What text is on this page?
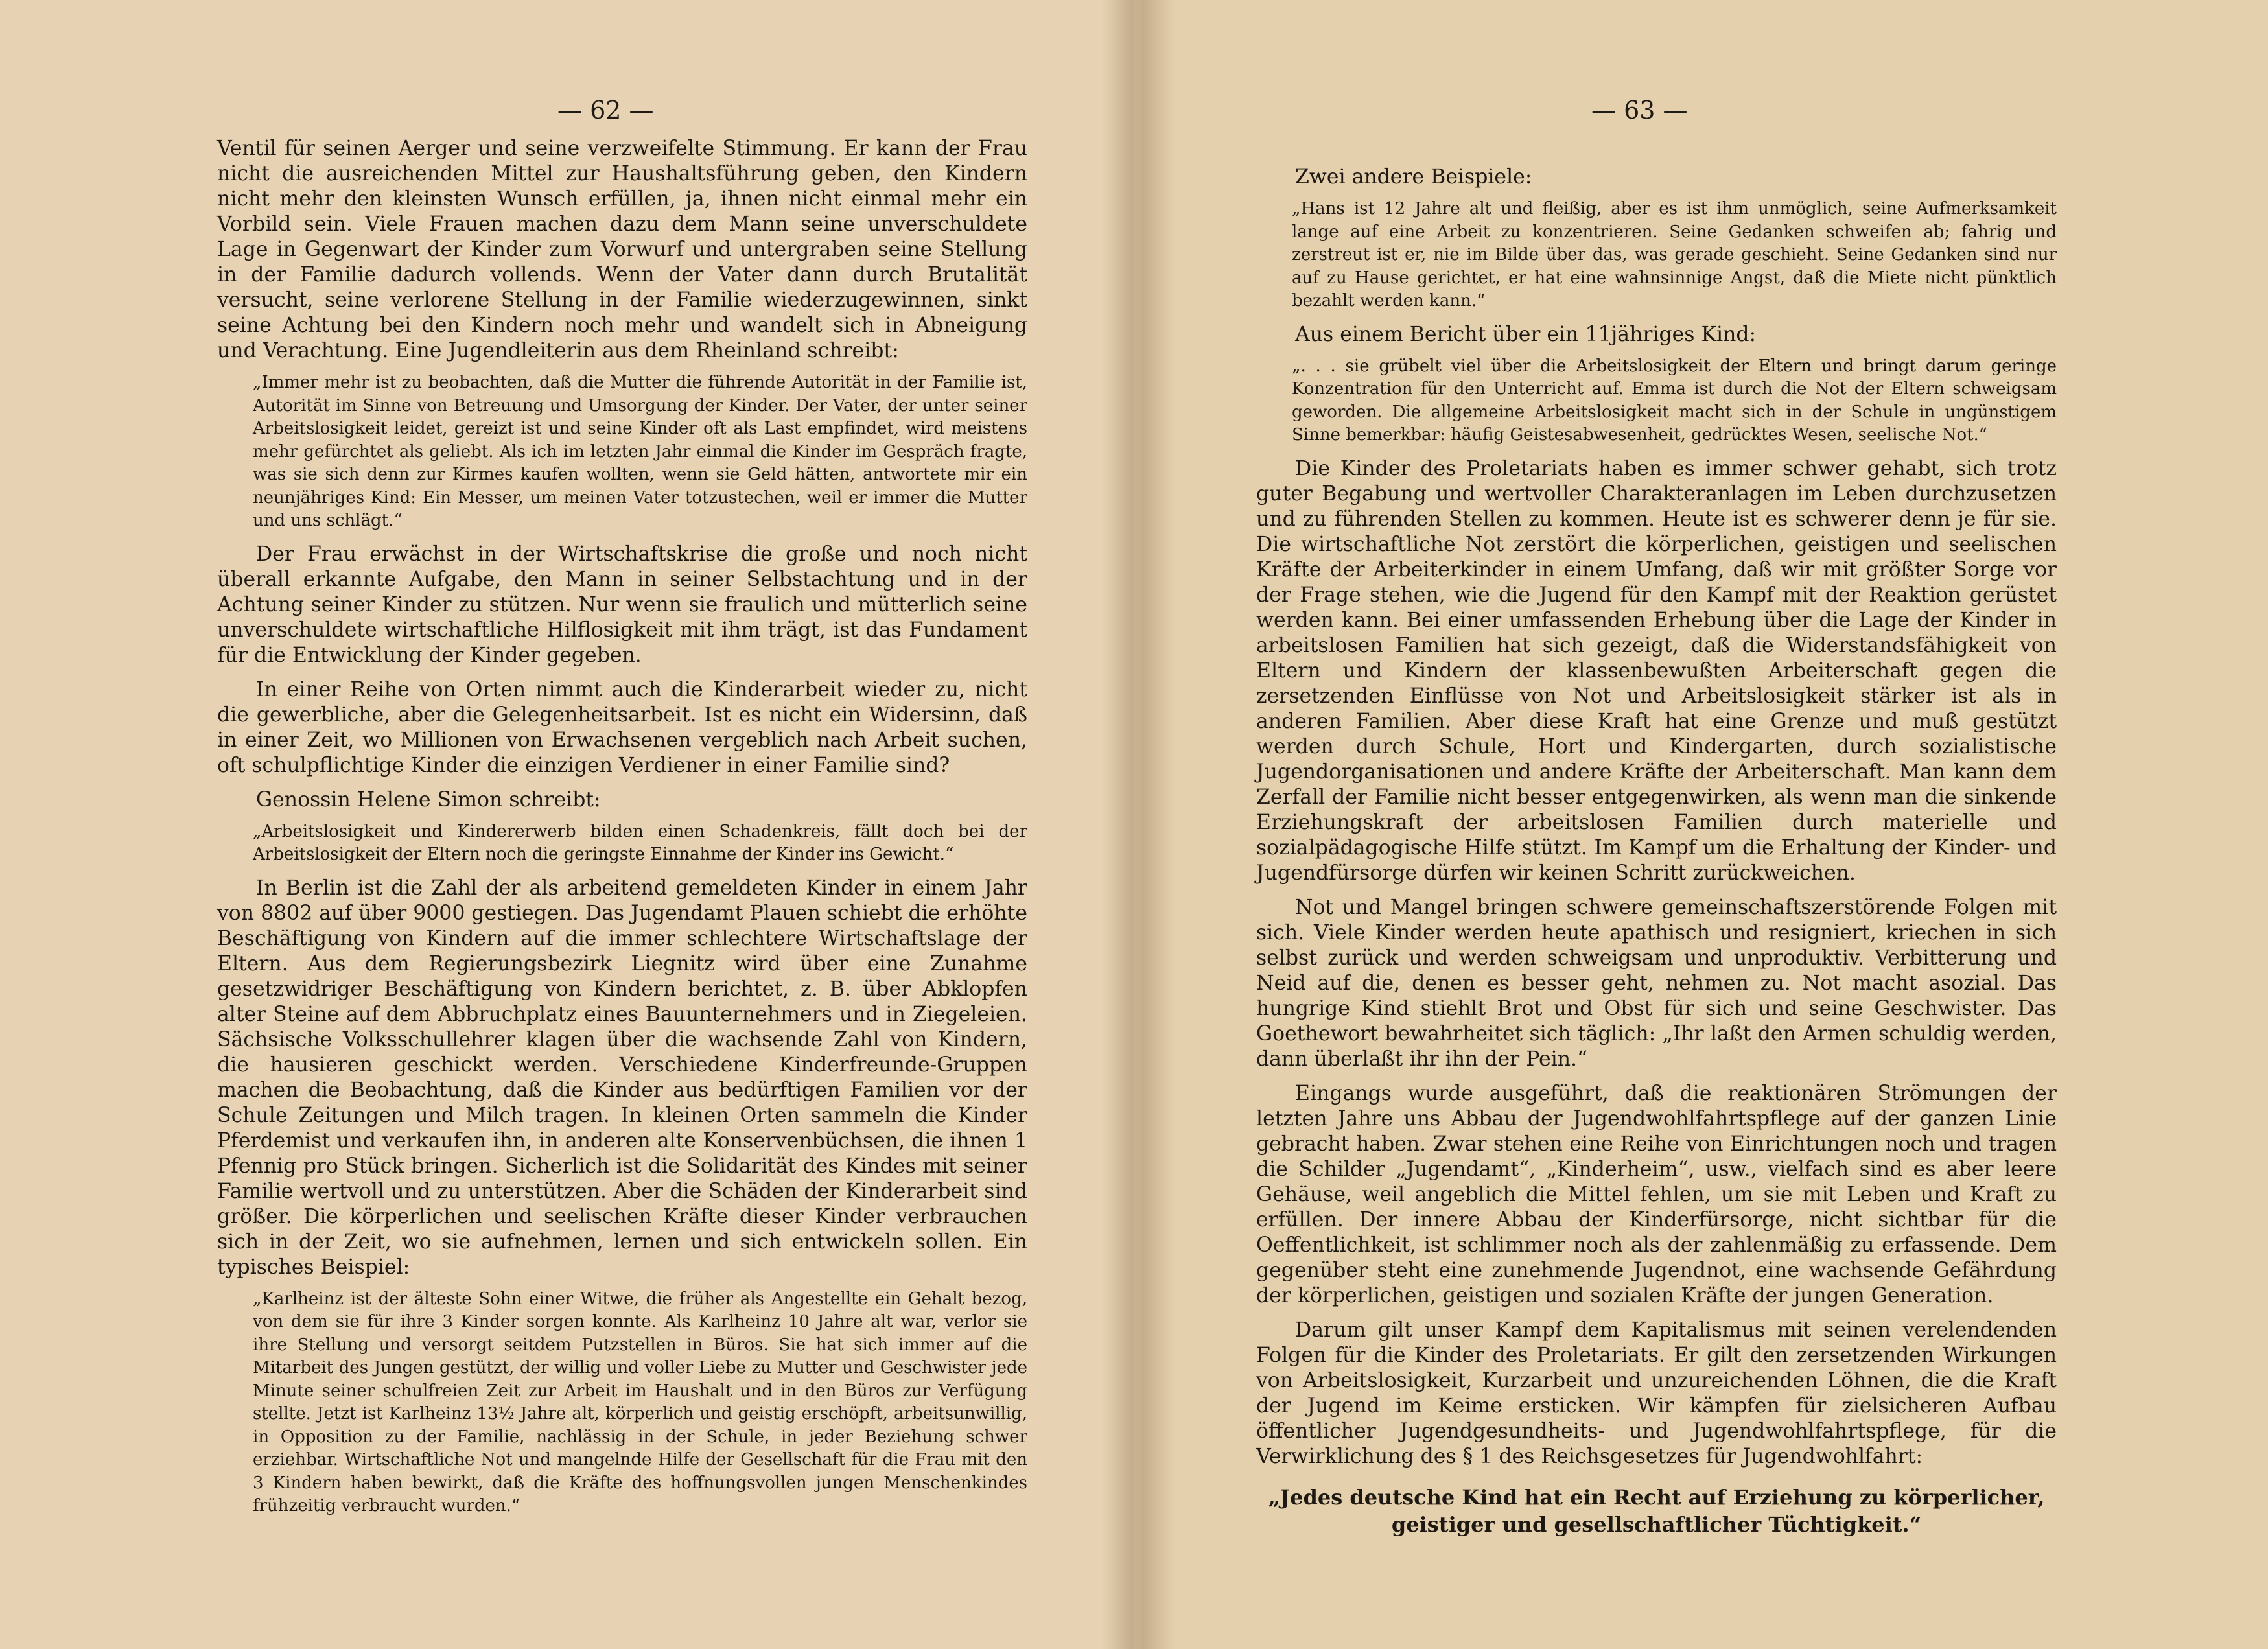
— 62 —

Ventil für seinen Aerger und seine verzweifelte Stimmung. Er kann der Frau nicht die ausreichenden Mittel zur Haushaltsführung geben, den Kindern nicht mehr den kleinsten Wunsch erfüllen, ja, ihnen nicht einmal mehr ein Vorbild sein. Viele Frauen machen dazu dem Mann seine unverschuldete Lage in Gegenwart der Kinder zum Vorwurf und untergraben seine Stellung in der Familie dadurch vollends. Wenn der Vater dann durch Brutalität versucht, seine verlorene Stellung in der Familie wiederzugewinnen, sinkt seine Achtung bei den Kindern noch mehr und wandelt sich in Abneigung und Verachtung. Eine Jugendleiterin aus dem Rheinland schreibt:

„Immer mehr ist zu beobachten, daß die Mutter die führende Autorität in der Familie ist, Autorität im Sinne von Betreuung und Umsorgung der Kinder. Der Vater, der unter seiner Arbeitslosigkeit leidet, gereizt ist und seine Kinder oft als Last empfindet, wird meistens mehr gefürchtet als geliebt. Als ich im letzten Jahr einmal die Kinder im Gespräch fragte, was sie sich denn zur Kirmes kaufen wollten, wenn sie Geld hätten, antwortete mir ein neunjähriges Kind: Ein Messer, um meinen Vater totzustechen, weil er immer die Mutter und uns schlägt.“

Der Frau erwächst in der Wirtschaftskrise die große und noch nicht überall erkannte Aufgabe, den Mann in seiner Selbstachtung und in der Achtung seiner Kinder zu stützen. Nur wenn sie fraulich und mütterlich seine unverschuldete wirtschaftliche Hilflosigkeit mit ihm trägt, ist das Fundament für die Entwicklung der Kinder gegeben.

In einer Reihe von Orten nimmt auch die Kinderarbeit wieder zu, nicht die gewerbliche, aber die Gelegenheitsarbeit. Ist es nicht ein Widersinn, daß in einer Zeit, wo Millionen von Erwachsenen vergeblich nach Arbeit suchen, oft schulpflichtige Kinder die einzigen Verdiener in einer Familie sind?

Genossin Helene Simon schreibt:

„Arbeitslosigkeit und Kindererwerb bilden einen Schadenkreis, fällt doch bei der Arbeitslosigkeit der Eltern noch die geringste Einnahme der Kinder ins Gewicht.“

In Berlin ist die Zahl der als arbeitend gemeldeten Kinder in einem Jahr von 8802 auf über 9000 gestiegen. Das Jugendamt Plauen schiebt die erhöhte Beschäftigung von Kindern auf die immer schlechtere Wirtschaftslage der Eltern. Aus dem Regierungsbezirk Liegnitz wird über eine Zunahme gesetzwidriger Beschäftigung von Kindern berichtet, z. B. über Abklopfen alter Steine auf dem Abbruchplatz eines Bauunternehmers und in Ziegeleien. Sächsische Volksschullehrer klagen über die wachsende Zahl von Kindern, die hausieren geschickt werden. Verschiedene Kinderfreunde-Gruppen machen die Beobachtung, daß die Kinder aus bedürftigen Familien vor der Schule Zeitungen und Milch tragen. In kleinen Orten sammeln die Kinder Pferdemist und verkaufen ihn, in anderen alte Konservenbüchsen, die ihnen 1 Pfennig pro Stück bringen. Sicherlich ist die Solidarität des Kindes mit seiner Familie wertvoll und zu unterstützen. Aber die Schäden der Kinderarbeit sind größer. Die körperlichen und seelischen Kräfte dieser Kinder verbrauchen sich in der Zeit, wo sie aufnehmen, lernen und sich entwickeln sollen. Ein typisches Beispiel:

„Karlheinz ist der älteste Sohn einer Witwe, die früher als Angestellte ein Gehalt bezog, von dem sie für ihre 3 Kinder sorgen konnte. Als Karlheinz 10 Jahre alt war, verlor sie ihre Stellung und versorgt seitdem Putzstellen in Büros. Sie hat sich immer auf die Mitarbeit des Jungen gestützt, der willig und voller Liebe zu Mutter und Geschwister jede Minute seiner schulfreien Zeit zur Arbeit im Haushalt und in den Büros zur Verfügung stellte. Jetzt ist Karlheinz 13½ Jahre alt, körperlich und geistig erschöpft, arbeitsunwillig, in Opposition zu der Familie, nachlässig in der Schule, in jeder Beziehung schwer erziehbar. Wirtschaftliche Not und mangelnde Hilfe der Gesellschaft für die Frau mit den 3 Kindern haben bewirkt, daß die Kräfte des hoffnungsvollen jungen Menschenkindes frühzeitig verbraucht wurden.“

— 63 —

Zwei andere Beispiele:

„Hans ist 12 Jahre alt und fleißig, aber es ist ihm unmöglich, seine Aufmerksamkeit lange auf eine Arbeit zu konzentrieren. Seine Gedanken schweifen ab; fahrig und zerstreut ist er, nie im Bilde über das, was gerade geschieht. Seine Gedanken sind nur auf zu Hause gerichtet, er hat eine wahnsinnige Angst, daß die Miete nicht pünktlich bezahlt werden kann.“

Aus einem Bericht über ein 11jähriges Kind:

„. . . sie grübelt viel über die Arbeitslosigkeit der Eltern und bringt darum geringe Konzentration für den Unterricht auf. Emma ist durch die Not der Eltern schweigsam geworden. Die allgemeine Arbeitslosigkeit macht sich in der Schule in ungünstigem Sinne bemerkbar: häufig Geistesabwesenheit, gedrücktes Wesen, seelische Not.“

Die Kinder des Proletariats haben es immer schwer gehabt, sich trotz guter Begabung und wertvoller Charakteranlagen im Leben durchzusetzen und zu führenden Stellen zu kommen. Heute ist es schwerer denn je für sie. Die wirtschaftliche Not zerstört die körperlichen, geistigen und seelischen Kräfte der Arbeiterkinder in einem Umfang, daß wir mit größter Sorge vor der Frage stehen, wie die Jugend für den Kampf mit der Reaktion gerüstet werden kann. Bei einer umfassenden Erhebung über die Lage der Kinder in arbeitslosen Familien hat sich gezeigt, daß die Widerstandsfähigkeit von Eltern und Kindern der klassenbewußten Arbeiterschaft gegen die zersetzenden Einflüsse von Not und Arbeitslosigkeit stärker ist als in anderen Familien. Aber diese Kraft hat eine Grenze und muß gestützt werden durch Schule, Hort und Kindergarten, durch sozialistische Jugendorganisationen und andere Kräfte der Arbeiterschaft. Man kann dem Zerfall der Familie nicht besser entgegenwirken, als wenn man die sinkende Erziehungskraft der arbeitslosen Familien durch materielle und sozialpädagogische Hilfe stützt. Im Kampf um die Erhaltung der Kinder- und Jugendfürsorge dürfen wir keinen Schritt zurückweichen.

Not und Mangel bringen schwere gemeinschaftszerstörende Folgen mit sich. Viele Kinder werden heute apathisch und resigniert, kriechen in sich selbst zurück und werden schweigsam und unproduktiv. Verbitterung und Neid auf die, denen es besser geht, nehmen zu. Not macht asozial. Das hungrige Kind stiehlt Brot und Obst für sich und seine Geschwister. Das Goethewort bewahrheitet sich täglich: „Ihr laßt den Armen schuldig werden, dann überlaßt ihr ihn der Pein.“

Eingangs wurde ausgeführt, daß die reaktionären Strömungen der letzten Jahre uns Abbau der Jugendwohlfahrtspflege auf der ganzen Linie gebracht haben. Zwar stehen eine Reihe von Einrichtungen noch und tragen die Schilder „Jugendamt“, „Kinderheim“, usw., vielfach sind es aber leere Gehäuse, weil angeblich die Mittel fehlen, um sie mit Leben und Kraft zu erfüllen. Der innere Abbau der Kinderfürsorge, nicht sichtbar für die Oeffentlichkeit, ist schlimmer noch als der zahlenmäßig zu erfassende. Dem gegenüber steht eine zunehmende Jugendnot, eine wachsende Gefährdung der körperlichen, geistigen und sozialen Kräfte der jungen Generation.

Darum gilt unser Kampf dem Kapitalismus mit seinen verelendenden Folgen für die Kinder des Proletariats. Er gilt den zersetzenden Wirkungen von Arbeitslosigkeit, Kurzarbeit und unzureichenden Löhnen, die die Kraft der Jugend im Keime ersticken. Wir kämpfen für zielsicheren Aufbau öffentlicher Jugendgesundheits- und Jugendwohlfahrtspflege, für die Verwirklichung des § 1 des Reichsgesetzes für Jugendwohlfahrt:

„Jedes deutsche Kind hat ein Recht auf Erziehung zu körperlicher, geistiger und gesellschaftlicher Tüchtigkeit.“
